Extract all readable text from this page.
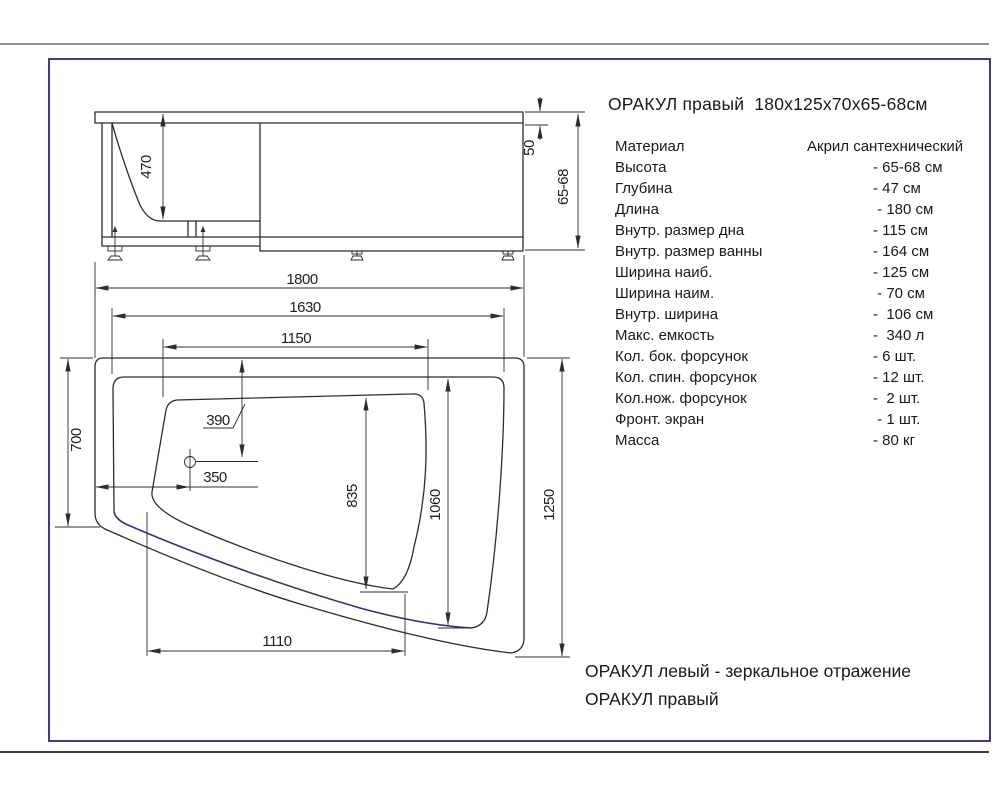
470
50
65-68
1800
1630
1150
700
390
350
835	1060	1250
1110
ОРАКУЛ правый  180х125х70х65-68см
Материал	Акрил сантехнический
Высота	- 65-68 см
Глубина	- 47 см
Длина	- 180 см
Внутр. размер дна	- 115 см
Внутр. размер ванны	- 164 см
Ширина наиб.	- 125 см
Ширина наим.	- 70 см
Внутр. ширина	-  106 см
Макс. емкость	-  340 л
Кол. бок. форсунок	- 6 шт.
Кол. спин. форсунок	- 12 шт.
Кол.нож. форсунок	-  2 шт.
Фронт. экран	- 1 шт.
Масса	- 80 кг
ОРАКУЛ левый - зеркальное отражение
ОРАКУЛ правый
